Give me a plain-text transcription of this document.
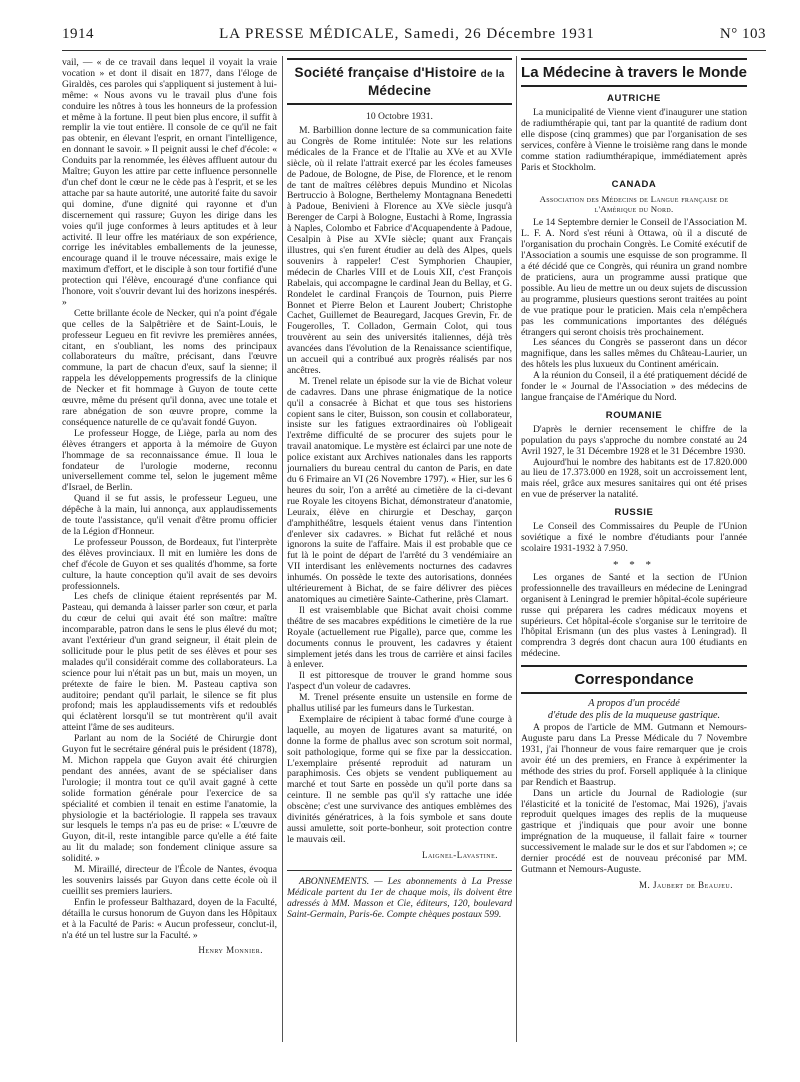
1914	LA PRESSE MÉDICALE, Samedi, 26 Décembre 1931	N° 103

vail, — « de ce travail dans lequel il voyait la vraie vocation » et dont il disait en 1877, dans l'éloge de Giraldès, ces paroles qui s'appliquent si justement à lui-même: « Nous avons vu le travail plus d'une fois conduire les nôtres à tous les honneurs de la profession et même à la fortune. Il peut bien plus encore, il suffit à remplir la vie tout entière. Il console de ce qu'il ne fait pas obtenir, en élevant l'esprit, en ornant l'intelligence, en donnant le savoir. » Il peignit aussi le chef d'école: « Conduits par la renommée, les élèves affluent autour du Maître; Guyon les attire par cette influence personnelle d'un chef dont le cœur ne le cède pas à l'esprit, et se les attache par sa haute autorité, une autorité faite du savoir qui domine, d'une dignité qui rayonne et d'un discernement qui rassure; Guyon les dirige dans les voies qu'il juge conformes à leurs aptitudes et à leur activité. Il leur offre les matériaux de son expérience, corrige les inévitables emballements de la jeunesse, encourage quand il le trouve nécessaire, mais exige le maximum d'effort, et le disciple à son tour fortifié d'une protection qui l'élève, encouragé d'une confiance qui l'honore, voit s'ouvrir devant lui des horizons inespérés. »

Cette brillante école de Necker, qui n'a point d'égale que celles de la Salpêtrière et de Saint-Louis, le professeur Legueu en fit revivre les premières années, citant, en s'oubliant, les noms des principaux collaborateurs du maître, précisant, dans l'œuvre commune, la part de chacun d'eux, sauf la sienne; il rappela les développements progressifs de la clinique de Necker et fit hommage à Guyon de toute cette œuvre, même du présent qu'il donna, avec une totale et rare abnégation de son œuvre propre, comme la conséquence naturelle de ce qu'avait fondé Guyon.

Le professeur Hogge, de Liège, parla au nom des élèves étrangers et apporta à la mémoire de Guyon l'hommage de sa reconnaissance émue. Il loua le fondateur de l'urologie moderne, reconnu universellement comme tel, selon le jugement même d'Israel, de Berlin.

Quand il se fut assis, le professeur Legueu, une dépêche à la main, lui annonça, aux applaudissements de toute l'assistance, qu'il venait d'être promu officier de la Légion d'Honneur.

Le professeur Pousson, de Bordeaux, fut l'interprète des élèves provinciaux. Il mit en lumière les dons de chef d'école de Guyon et ses qualités d'homme, sa forte culture, la haute conception qu'il avait de ses devoirs professionnels.

Les chefs de clinique étaient représentés par M. Pasteau, qui demanda à laisser parler son cœur, et parla du cœur de celui qui avait été son maître: maître incomparable, patron dans le sens le plus élevé du mot; avant l'extérieur d'un grand seigneur, il était plein de sollicitude pour le plus petit de ses élèves et pour ses malades qu'il considérait comme des collaborateurs. La science pour lui n'était pas un but, mais un moyen, un prétexte de faire le bien. M. Pasteau captiva son auditoire; pendant qu'il parlait, le silence se fit plus profond; mais les applaudissements vifs et redoublés qui éclatèrent lorsqu'il se tut montrèrent qu'il avait atteint l'âme de ses auditeurs.

Parlant au nom de la Société de Chirurgie dont Guyon fut le secrétaire général puis le président (1878), M. Michon rappela que Guyon avait été chirurgien pendant des années, avant de se spécialiser dans l'urologie; il montra tout ce qu'il avait gagné à cette solide formation générale pour l'exercice de sa spécialité et combien il tenait en estime l'anatomie, la physiologie et la bactériologie. Il rappela ses travaux sur lesquels le temps n'a pas eu de prise: « L'œuvre de Guyon, dit-il, reste intangible parce qu'elle a été faite au lit du malade; son fondement clinique assure sa solidité. »

M. Miraillé, directeur de l'École de Nantes, évoqua les souvenirs laissés par Guyon dans cette école où il cueillit ses premiers lauriers.

Enfin le professeur Balthazard, doyen de la Faculté, détailla le cursus honorum de Guyon dans les Hôpitaux et à la Faculté de Paris: « Aucun professeur, conclut-il, n'a été un tel lustre sur la Faculté. »

Henry Monnier.
Société française d'Histoire de la Médecine
10 Octobre 1931.

M. Barbillion donne lecture de sa communication faite au Congrès de Rome intitulée: Note sur les relations médicales de la France et de l'Italie au XVe et au XVIe siècle, où il relate l'attrait exercé par les écoles fameuses de Padoue, de Bologne, de Pise, de Florence, et le renom de tant de maîtres célèbres depuis Mundino et Nicolas Bertruccio à Bologne, Berthelemy Montagnana Benedetti à Padoue, Benivieni à Florence au XVe siècle jusqu'à Berenger de Carpi à Bologne, Eustachi à Rome, Ingrassia à Naples, Colombo et Fabrice d'Acquapendente à Padoue, Cesalpin à Pise au XVIe siècle; quant aux Français illustres, qui s'en furent étudier au delà des Alpes, quels souvenirs à rappeler! C'est Symphorien Chaupier, médecin de Charles VIII et de Louis XII, c'est François Rabelais, qui accompagne le cardinal Jean du Bellay, et G. Rondelet le cardinal François de Tournon, puis Pierre Bonnet et Pierre Belon et Laurent Joubert; Christophe Cachet, Guillemet de Beauregard, Jacques Grevin, Fr. de Fougerolles, T. Colladon, Germain Colot, qui tous trouvèrent au sein des universités italiennes, déjà très avancées dans l'évolution de la Renaissance scientifique, un accueil qui a contribué aux progrès réalisés par nos ancêtres.

M. Trenel relate un épisode sur la vie de Bichat voleur de cadavres. Dans une phrase énigmatique de la notice qu'il a consacrée à Bichat et que tous ses historiens copient sans le citer, Buisson, son cousin et collaborateur, insiste sur les fatigues extraordinaires où l'obligeait l'extrême difficulté de se procurer des sujets pour le travail anatomique. Le mystère est éclairci par une note de police existant aux Archives nationales dans les rapports journaliers du bureau central du canton de Paris, en date du 6 Frimaire an VI (26 Novembre 1797). « Hier, sur les 6 heures du soir, l'on a arrêté au cimetière de la ci-devant rue Royale les citoyens Bichat, démonstrateur d'anatomie, Leuraix, élève en chirurgie et Deschay, garçon d'amphithéâtre, lesquels étaient venus dans l'intention d'enlever six cadavres. » Bichat fut relâché et nous ignorons la suite de l'affaire. Mais il est probable que ce fut là le point de départ de l'arrêté du 3 vendémiaire an VII interdisant les enlèvements nocturnes des cadavres inhumés. On possède le texte des autorisations, données ultérieurement à Bichat, de se faire délivrer des pièces anatomiques au cimetière Sainte-Catherine, près Clamart.

Il est vraisemblable que Bichat avait choisi comme théâtre de ses macabres expéditions le cimetière de la rue Royale (actuellement rue Pigalle), parce que, comme les documents connus le prouvent, les cadavres y étaient simplement jetés dans les trous de carrière et ainsi faciles à enlever.

Il est pittoresque de trouver le grand homme sous l'aspect d'un voleur de cadavres.

M. Trenel présente ensuite un ustensile en forme de phallus utilisé par les fumeurs dans le Turkestan.

Exemplaire de récipient à tabac formé d'une courge à laquelle, au moyen de ligatures avant sa maturité, on donne la forme de phallus avec son scrotum soit normal, soit pathologique, forme qui se fixe par la dessiccation. L'exemplaire présenté reproduit ad naturam un paraphimosis. Ces objets se vendent publiquement au marché et tout Sarte en possède un qu'il porte dans sa ceinture. Il ne semble pas qu'il s'y rattache une idée obscène; c'est une survivance des antiques emblèmes des divinités génératrices, à la fois symbole et sans doute aussi amulette, soit porte-bonheur, soit protection contre le mauvais œil.

Laignel-Lavastine.

ABONNEMENTS. — Les abonnements à La Presse Médicale partent du 1er de chaque mois, ils doivent être adressés à MM. Masson et Cie, éditeurs, 120, boulevard Saint-Germain, Paris-6e. Compte chèques postaux 599.

La Médecine à travers le Monde
AUTRICHE

La municipalité de Vienne vient d'inaugurer une station de radiumthérapie qui, tant par la quantité de radium dont elle dispose (cinq grammes) que par l'organisation de ses services, confère à Vienne le troisième rang dans le monde comme station radiumthérapique, immédiatement après Paris et Stockholm.

CANADA
Association des Médecins de Langue française de l'Amérique du Nord.

Le 14 Septembre dernier le Conseil de l'Association M. L. F. A. Nord s'est réuni à Ottawa, où il a discuté de l'organisation du prochain Congrès. Le Comité exécutif de l'Association a soumis une esquisse de son programme. Il a été décidé que ce Congrès, qui réunira un grand nombre de praticiens, aura un programme aussi pratique que possible. Au lieu de mettre un ou deux sujets de discussion au programme, plusieurs questions seront traitées au point de vue pratique pour le praticien. Mais cela n'empêchera pas les communications importantes des délégués étrangers qui seront choisis très prochainement.

Les séances du Congrès se passeront dans un décor magnifique, dans les salles mêmes du Château-Laurier, un des hôtels les plus luxueux du Continent américain.

A la réunion du Conseil, il a été pratiquement décidé de fonder le « Journal de l'Association » des médecins de langue française de l'Amérique du Nord.

ROUMANIE

D'après le dernier recensement le chiffre de la population du pays s'approche du nombre constaté au 24 Avril 1927, le 31 Décembre 1928 et le 31 Décembre 1930.

Aujourd'hui le nombre des habitants est de 17.820.000 au lieu de 17.373.000 en 1928, soit un accroissement lent, mais réel, grâce aux mesures sanitaires qui ont été prises en vue de préserver la natalité.

RUSSIE

Le Conseil des Commissaires du Peuple de l'Union soviétique a fixé le nombre d'étudiants pour l'année scolaire 1931-1932 à 7.950.

* * *

Les organes de Santé et la section de l'Union professionnelle des travailleurs en médecine de Leningrad organisent à Leningrad le premier hôpital-école supérieure russe qui préparera les cadres médicaux moyens et supérieurs. Cet hôpital-école s'organise sur le territoire de l'hôpital Erismann (un des plus vastes à Leningrad). Il comprendra 3 degrés dont chacun aura 100 étudiants en médecine.

Correspondance
A propos d'un procédé
d'étude des plis de la muqueuse gastrique.

A propos de l'article de MM. Gutmann et Nemours-Auguste paru dans La Presse Médicale du 7 Novembre 1931, j'ai l'honneur de vous faire remarquer que je crois avoir été un des premiers, en France à expérimenter la méthode des stries du prof. Forsell appliquée à la clinique par Rendich et Baastrup.

Dans un article du Journal de Radiologie (sur l'élasticité et la tonicité de l'estomac, Mai 1926), j'avais reproduit quelques images des replis de la muqueuse gastrique et j'indiquais que pour avoir une bonne imprégnation de la muqueuse, il fallait faire « tourner successivement le malade sur le dos et sur l'abdomen »; ce dernier procédé est de nouveau préconisé par MM. Gutmann et Nemours-Auguste.

M. Jaubert de Beaujeu.
